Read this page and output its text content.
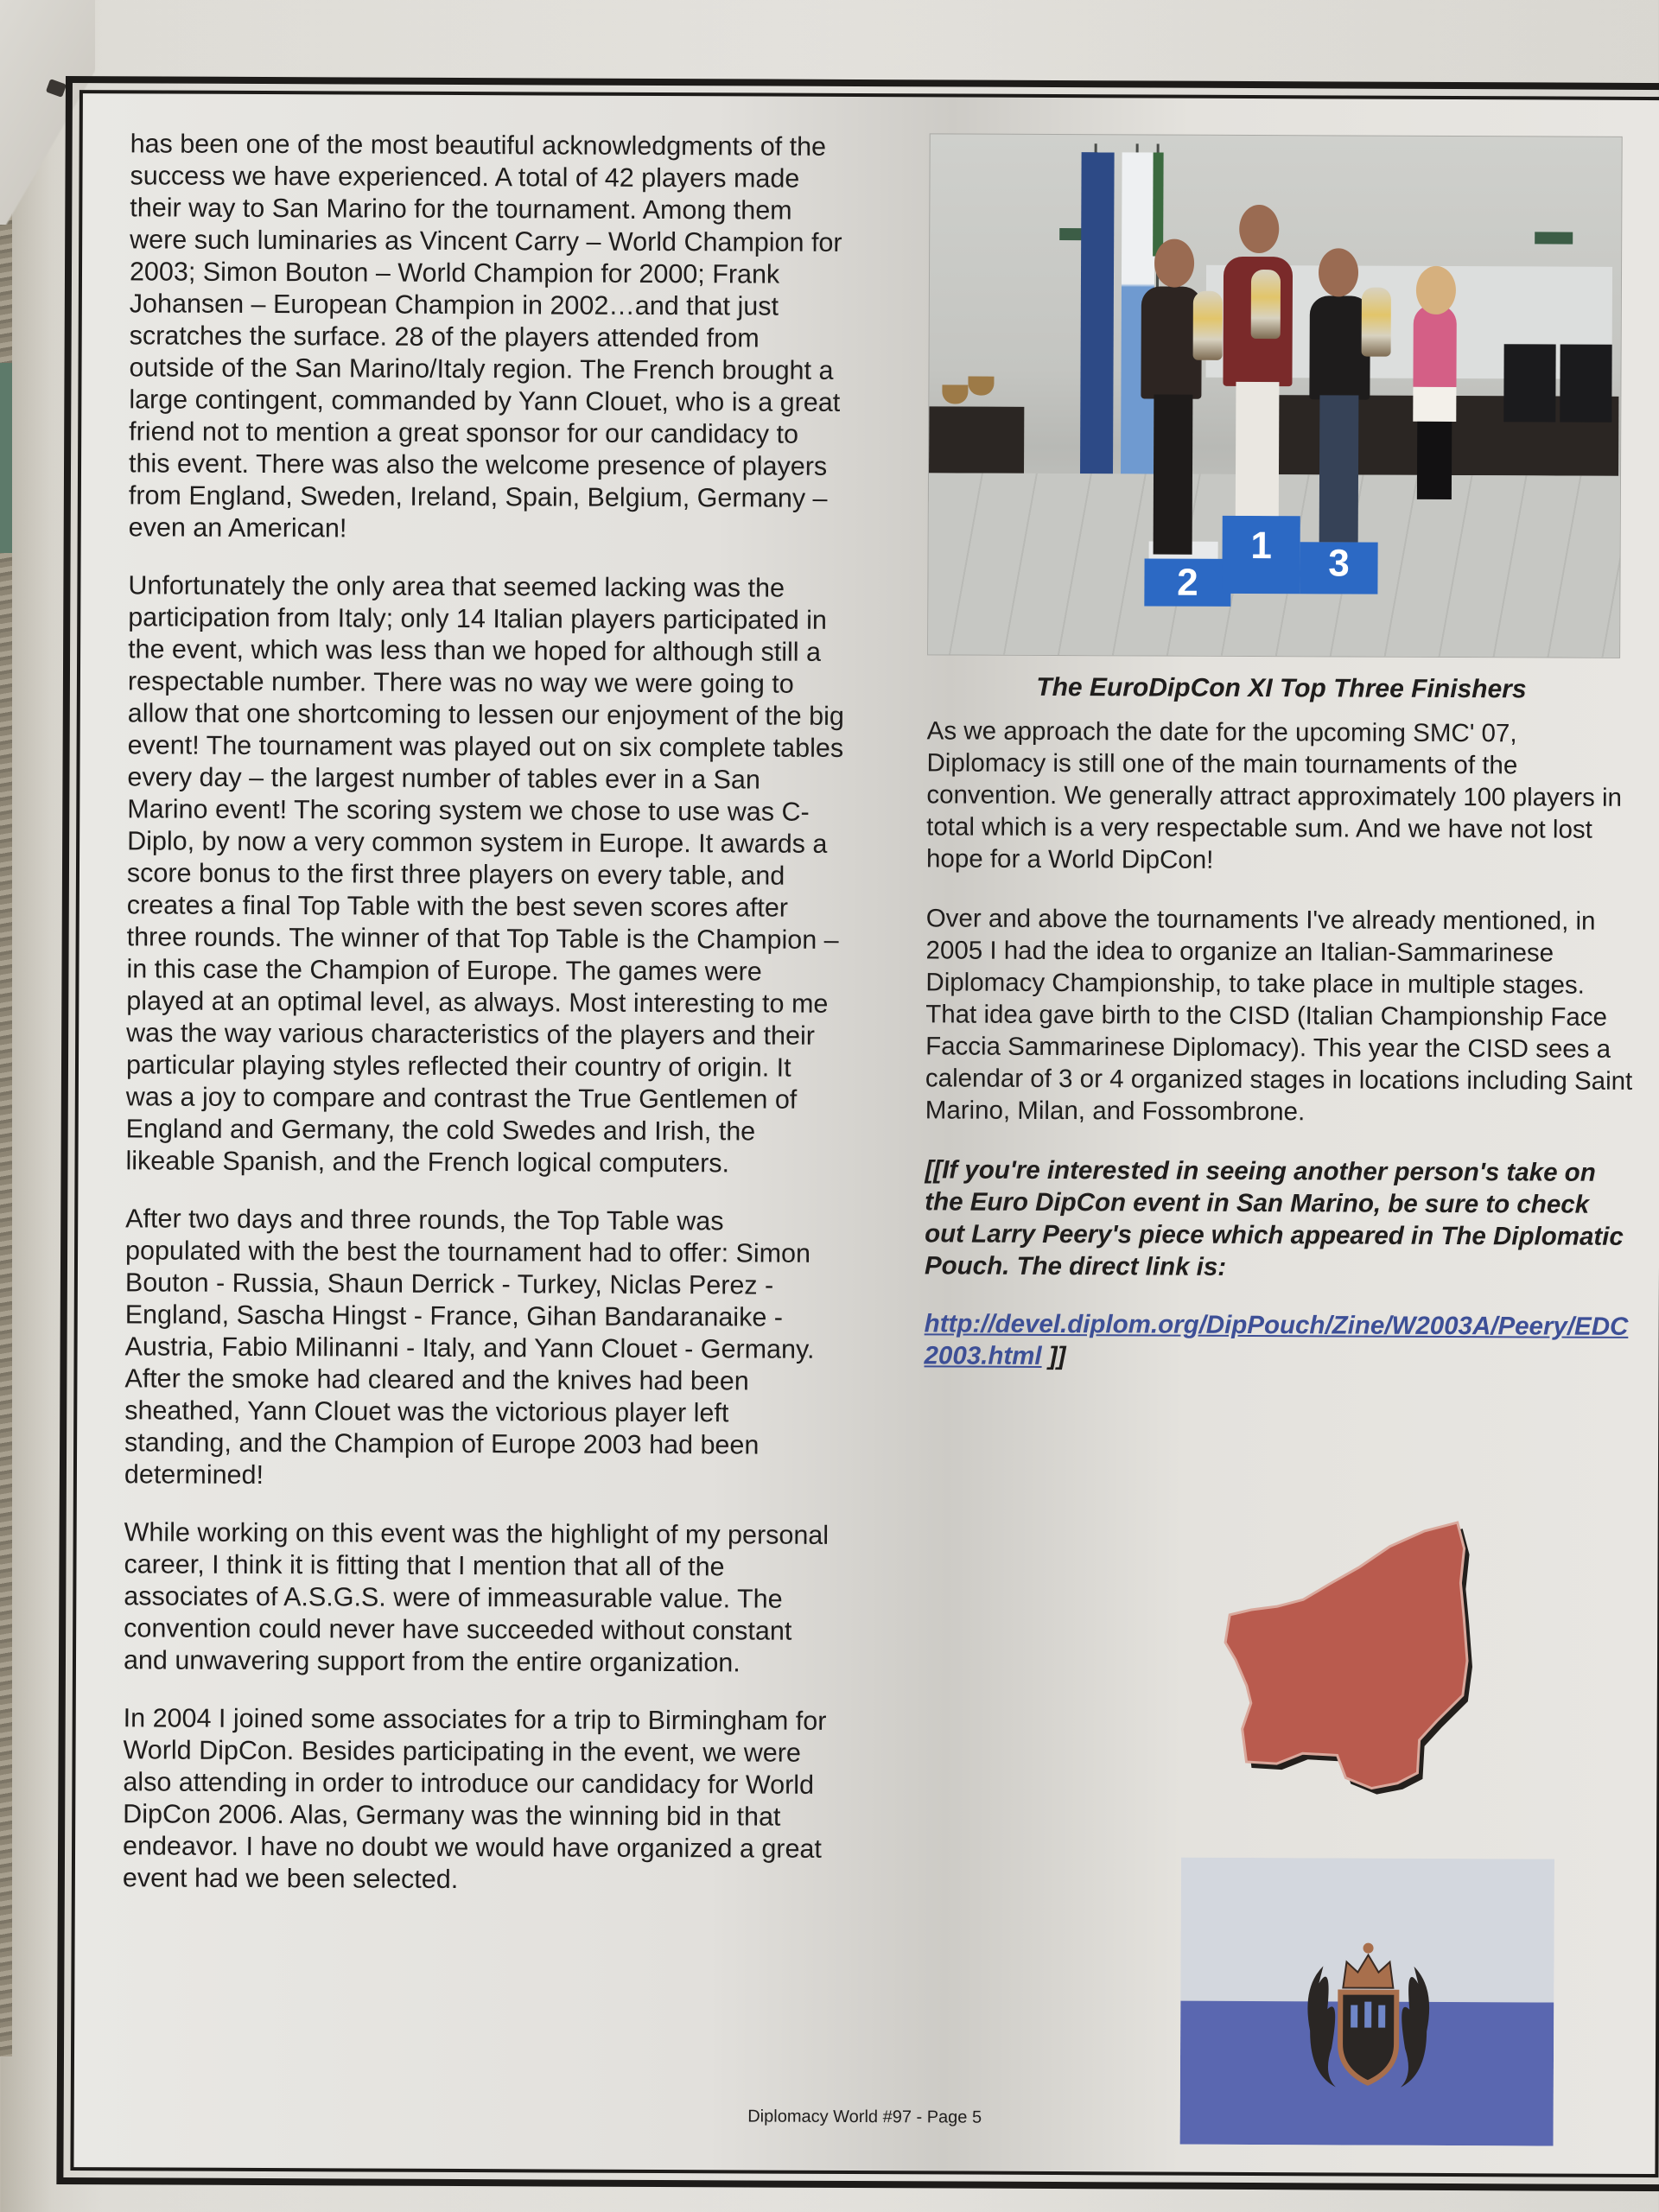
has been one of the most beautiful acknowledgments of the success we have experienced. A total of 42 players made their way to San Marino for the tournament. Among them were such luminaries as Vincent Carry – World Champion for 2003; Simon Bouton – World Champion for 2000; Frank Johansen – European Champion in 2002…and that just scratches the surface. 28 of the players attended from outside of the San Marino/Italy region. The French brought a large contingent, commanded by Yann Clouet, who is a great friend not to mention a great sponsor for our candidacy to this event. There was also the welcome presence of players from England, Sweden, Ireland, Spain, Belgium, Germany – even an American!

Unfortunately the only area that seemed lacking was the participation from Italy; only 14 Italian players participated in the event, which was less than we hoped for although still a respectable number. There was no way we were going to allow that one shortcoming to lessen our enjoyment of the big event! The tournament was played out on six complete tables every day – the largest number of tables ever in a San Marino event! The scoring system we chose to use was C-Diplo, by now a very common system in Europe. It awards a score bonus to the first three players on every table, and creates a final Top Table with the best seven scores after three rounds. The winner of that Top Table is the Champion – in this case the Champion of Europe. The games were played at an optimal level, as always. Most interesting to me was the way various characteristics of the players and their particular playing styles reflected their country of origin. It was a joy to compare and contrast the True Gentlemen of England and Germany, the cold Swedes and Irish, the likeable Spanish, and the French logical computers.

After two days and three rounds, the Top Table was populated with the best the tournament had to offer: Simon Bouton - Russia, Shaun Derrick - Turkey, Niclas Perez - England, Sascha Hingst - France, Gihan Bandaranaike - Austria, Fabio Milinanni - Italy, and Yann Clouet - Germany. After the smoke had cleared and the knives had been sheathed, Yann Clouet was the victorious player left standing, and the Champion of Europe 2003 had been determined!

While working on this event was the highlight of my personal career, I think it is fitting that I mention that all of the associates of A.S.G.S. were of immeasurable value. The convention could never have succeeded without constant and unwavering support from the entire organization.

In 2004 I joined some associates for a trip to Birmingham for World DipCon. Besides participating in the event, we were also attending in order to introduce our candidacy for World DipCon 2006. Alas, Germany was the winning bid in that endeavor. I have no doubt we would have organized a great event had we been selected.

2
1	3
The EuroDipCon XI Top Three Finishers

As we approach the date for the upcoming SMC' 07, Diplomacy is still one of the main tournaments of the convention. We generally attract approximately 100 players in total which is a very respectable sum. And we have not lost hope for a World DipCon!

Over and above the tournaments I've already mentioned, in 2005 I had the idea to organize an Italian-Sammarinese Diplomacy Championship, to take place in multiple stages. That idea gave birth to the CISD (Italian Championship Face Faccia Sammarinese Diplomacy). This year the CISD sees a calendar of 3 or 4 organized stages in locations including Saint Marino, Milan, and Fossombrone.

[[If you're interested in seeing another person's take on the Euro DipCon event in San Marino, be sure to check out Larry Peery's piece which appeared in The Diplomatic Pouch. The direct link is:

http://devel.diplom.org/DipPouch/Zine/W2003A/Peery/EDC2003.html ]]

Diplomacy World #97 - Page 5
